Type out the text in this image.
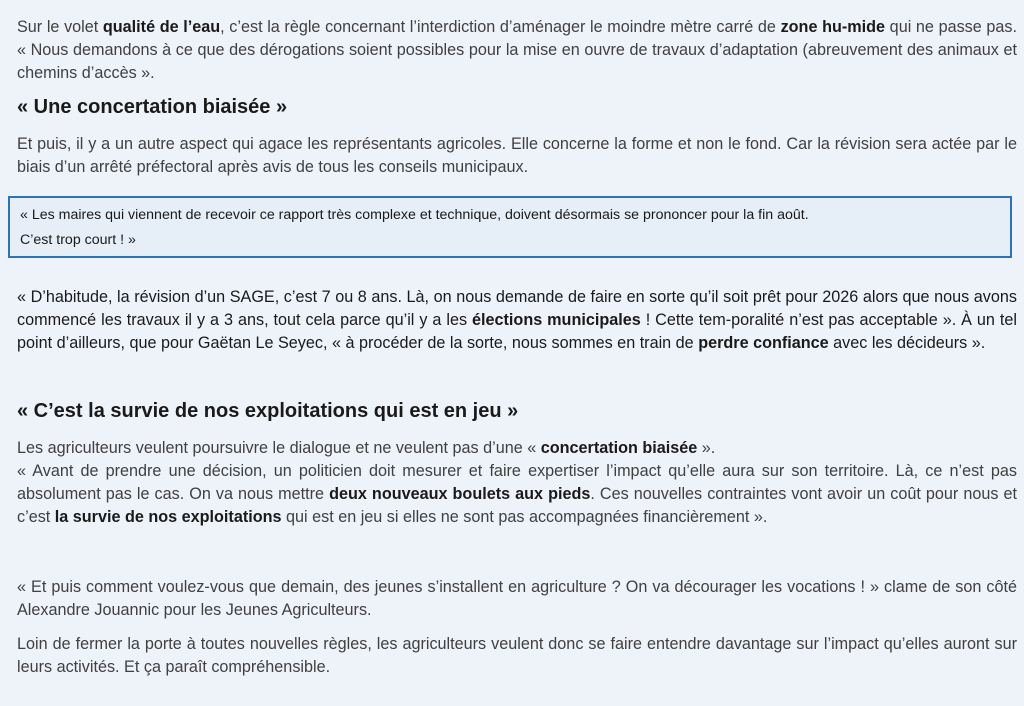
Sur le volet qualité de l’eau, c’est la règle concernant l’interdiction d’aménager le moindre mètre carré de zone hu-mide qui ne passe pas. « Nous demandons à ce que des dérogations soient possibles pour la mise en ouvre de travaux d’adaptation (abreuvement des animaux et chemins d’accès ».

« Une concertation biaisée »

Et puis, il y a un autre aspect qui agace les représentants agricoles. Elle concerne la forme et non le fond. Car la révision sera actée par le biais d’un arrêté préfectoral après avis de tous les conseils municipaux.

« Les maires qui viennent de recevoir ce rapport très complexe et technique, doivent désormais se prononcer pour la fin août.

C’est trop court ! »

« D’habitude, la révision d’un SAGE, c’est 7 ou 8 ans. Là, on nous demande de faire en sorte qu’il soit prêt pour 2026 alors que nous avons commencé les travaux il y a 3 ans, tout cela parce qu’il y a les élections municipales ! Cette tem-poralité n’est pas acceptable ». À un tel point d’ailleurs, que pour Gaëtan Le Seyec, « à procéder de la sorte, nous sommes en train de perdre confiance avec les décideurs ».

« C’est la survie de nos exploitations qui est en jeu »

Les agriculteurs veulent poursuivre le dialogue et ne veulent pas d’une « concertation biaisée ».
« Avant de prendre une décision, un politicien doit mesurer et faire expertiser l’impact qu’elle aura sur son territoire. Là, ce n’est pas absolument pas le cas. On va nous mettre deux nouveaux boulets aux pieds. Ces nouvelles contraintes vont avoir un coût pour nous et c’est la survie de nos exploitations qui est en jeu si elles ne sont pas accompagnées financièrement ».

« Et puis comment voulez-vous que demain, des jeunes s’installent en agriculture ? On va décourager les vocations ! » clame de son côté Alexandre Jouannic pour les Jeunes Agriculteurs.

Loin de fermer la porte à toutes nouvelles règles, les agriculteurs veulent donc se faire entendre davantage sur l’impact qu’elles auront sur leurs activités. Et ça paraît compréhensible.
